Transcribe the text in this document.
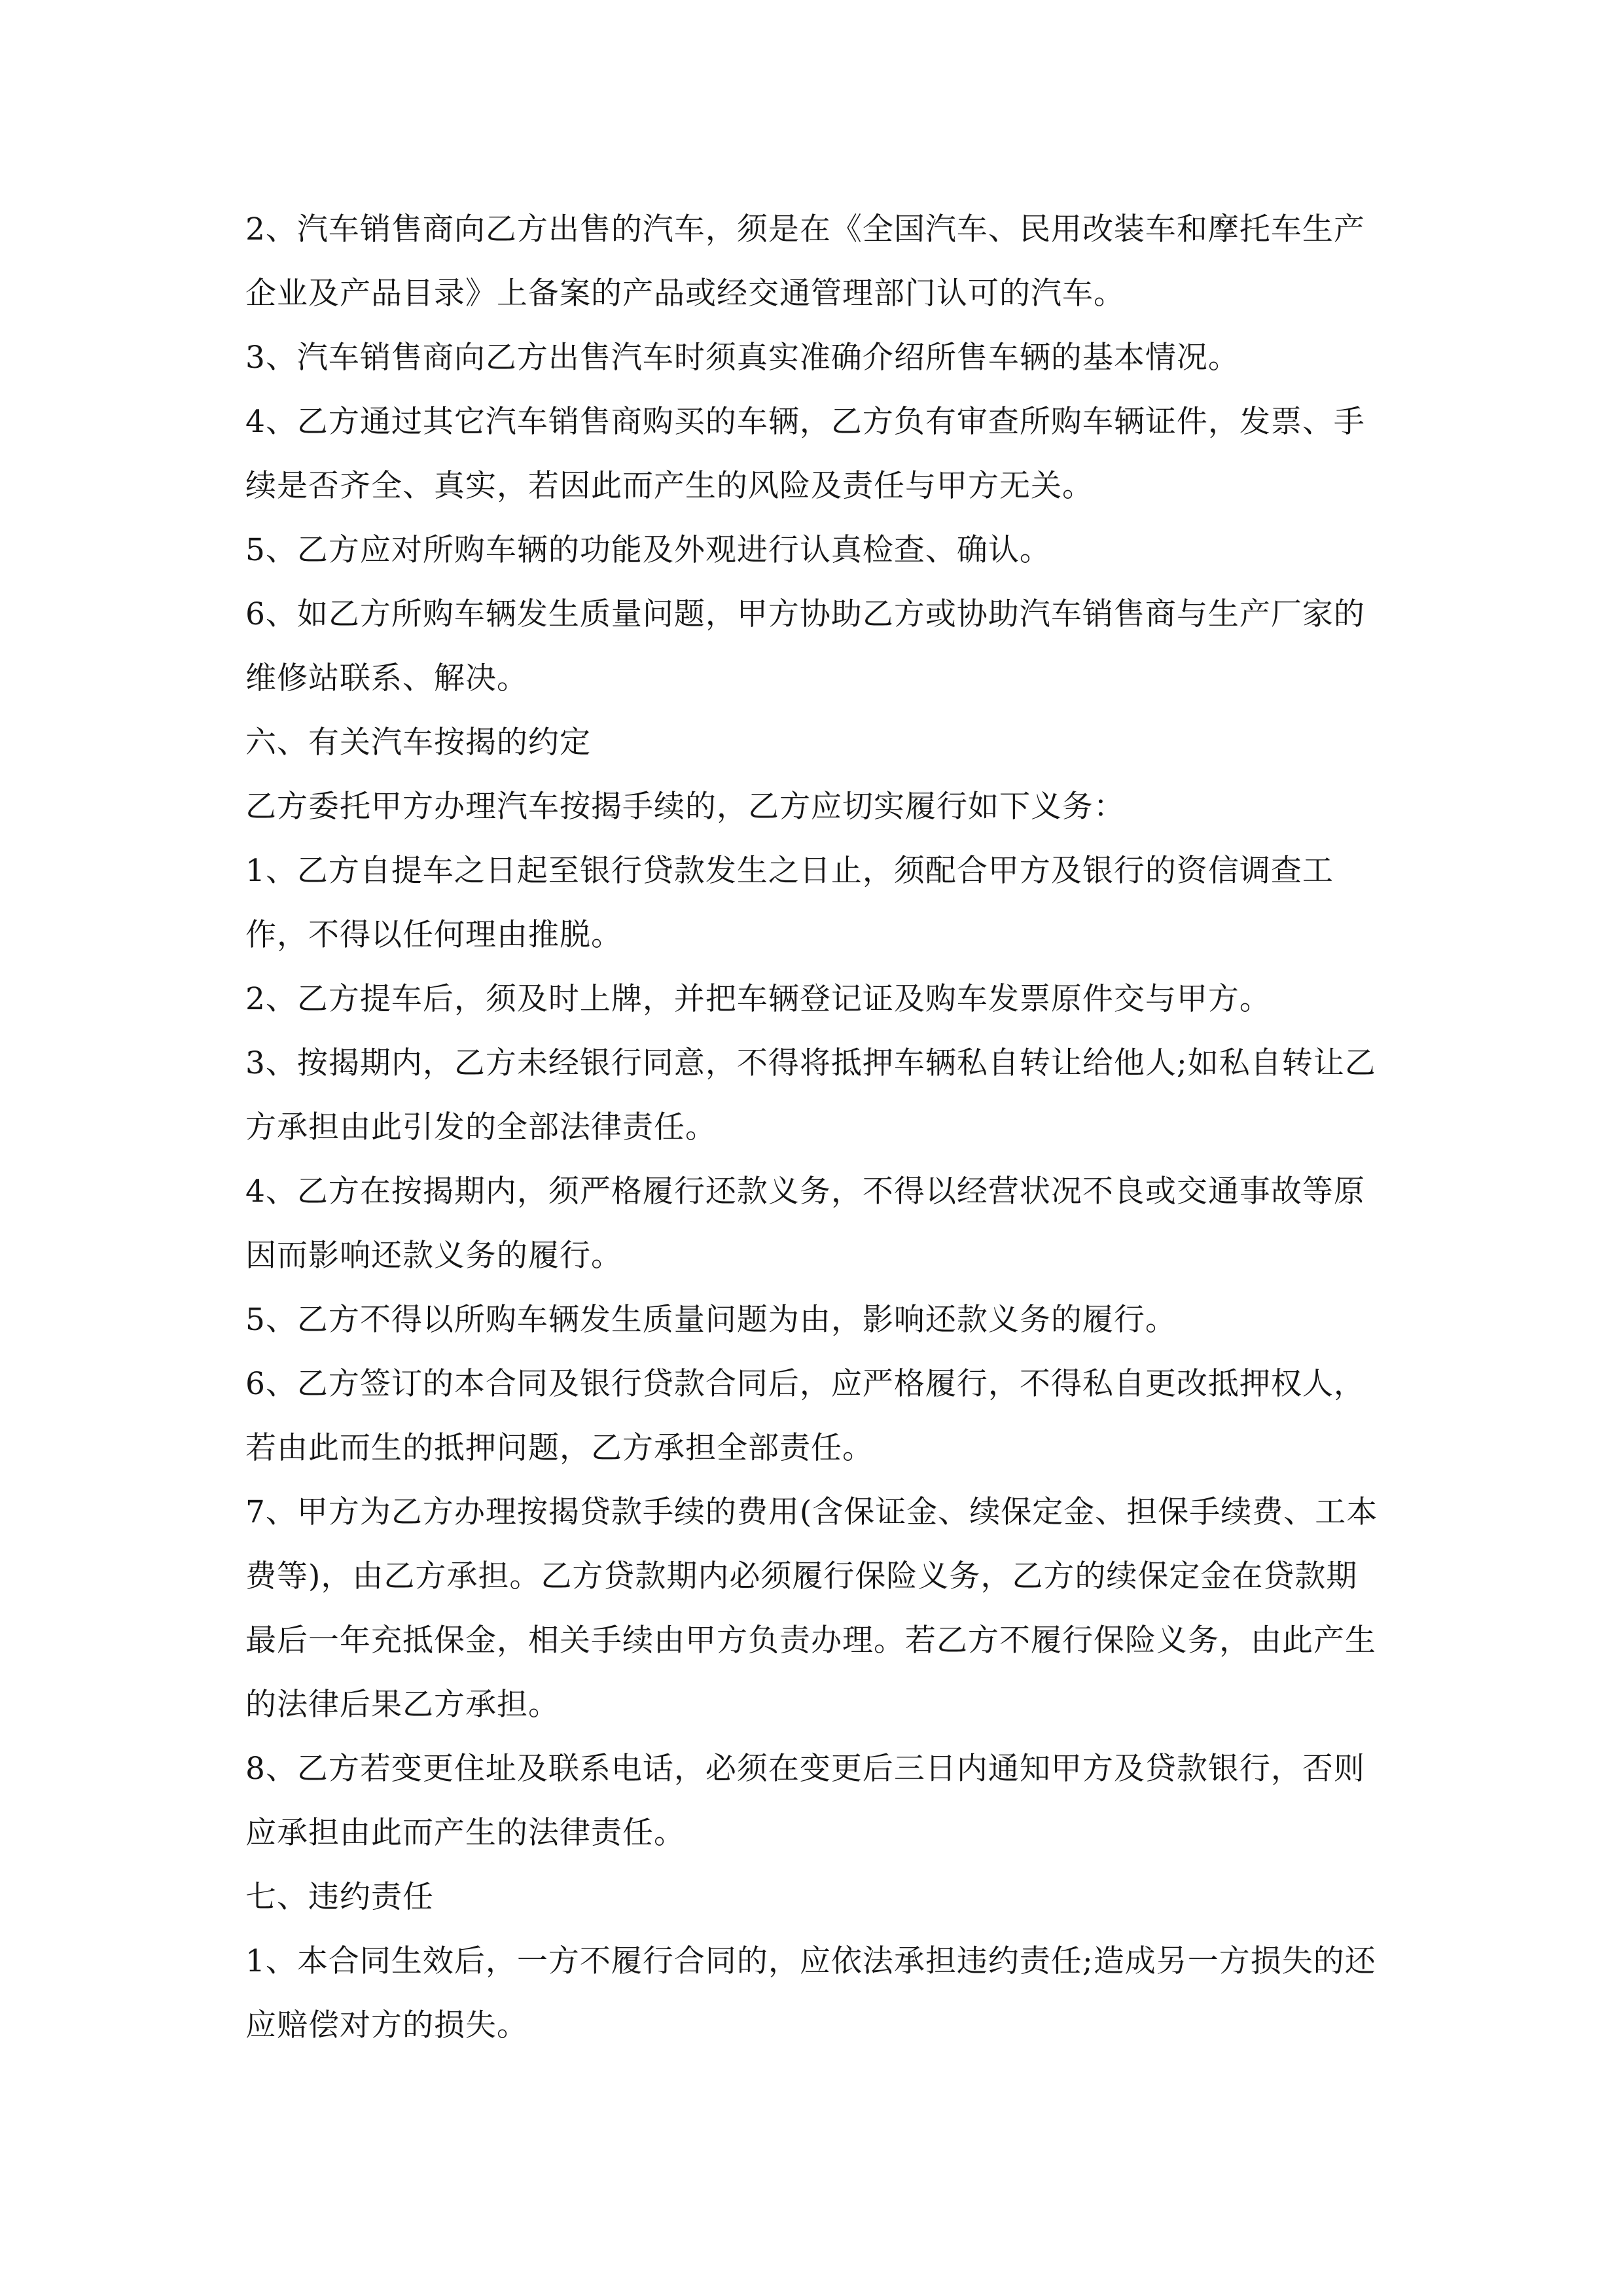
2、汽车销售商向乙方出售的汽车，须是在《全国汽车、民用改装车和摩托车生产企业及产品目录》上备案的产品或经交通管理部门认可的汽车。

3、汽车销售商向乙方出售汽车时须真实准确介绍所售车辆的基本情况。

4、乙方通过其它汽车销售商购买的车辆，乙方负有审查所购车辆证件，发票、手续是否齐全、真实，若因此而产生的风险及责任与甲方无关。

5、乙方应对所购车辆的功能及外观进行认真检查、确认。

6、如乙方所购车辆发生质量问题，甲方协助乙方或协助汽车销售商与生产厂家的维修站联系、解决。

六、有关汽车按揭的约定

乙方委托甲方办理汽车按揭手续的，乙方应切实履行如下义务：

1、乙方自提车之日起至银行贷款发生之日止，须配合甲方及银行的资信调查工作，不得以任何理由推脱。

2、乙方提车后，须及时上牌，并把车辆登记证及购车发票原件交与甲方。

3、按揭期内，乙方未经银行同意，不得将抵押车辆私自转让给他人;如私自转让乙方承担由此引发的全部法律责任。

4、乙方在按揭期内，须严格履行还款义务，不得以经营状况不良或交通事故等原因而影响还款义务的履行。

5、乙方不得以所购车辆发生质量问题为由，影响还款义务的履行。

6、乙方签订的本合同及银行贷款合同后，应严格履行，不得私自更改抵押权人，若由此而生的抵押问题，乙方承担全部责任。

7、甲方为乙方办理按揭贷款手续的费用(含保证金、续保定金、担保手续费、工本费等)，由乙方承担。乙方贷款期内必须履行保险义务，乙方的续保定金在贷款期最后一年充抵保金，相关手续由甲方负责办理。若乙方不履行保险义务，由此产生的法律后果乙方承担。

8、乙方若变更住址及联系电话，必须在变更后三日内通知甲方及贷款银行，否则应承担由此而产生的法律责任。

七、违约责任

1、本合同生效后，一方不履行合同的，应依法承担违约责任;造成另一方损失的还应赔偿对方的损失。
